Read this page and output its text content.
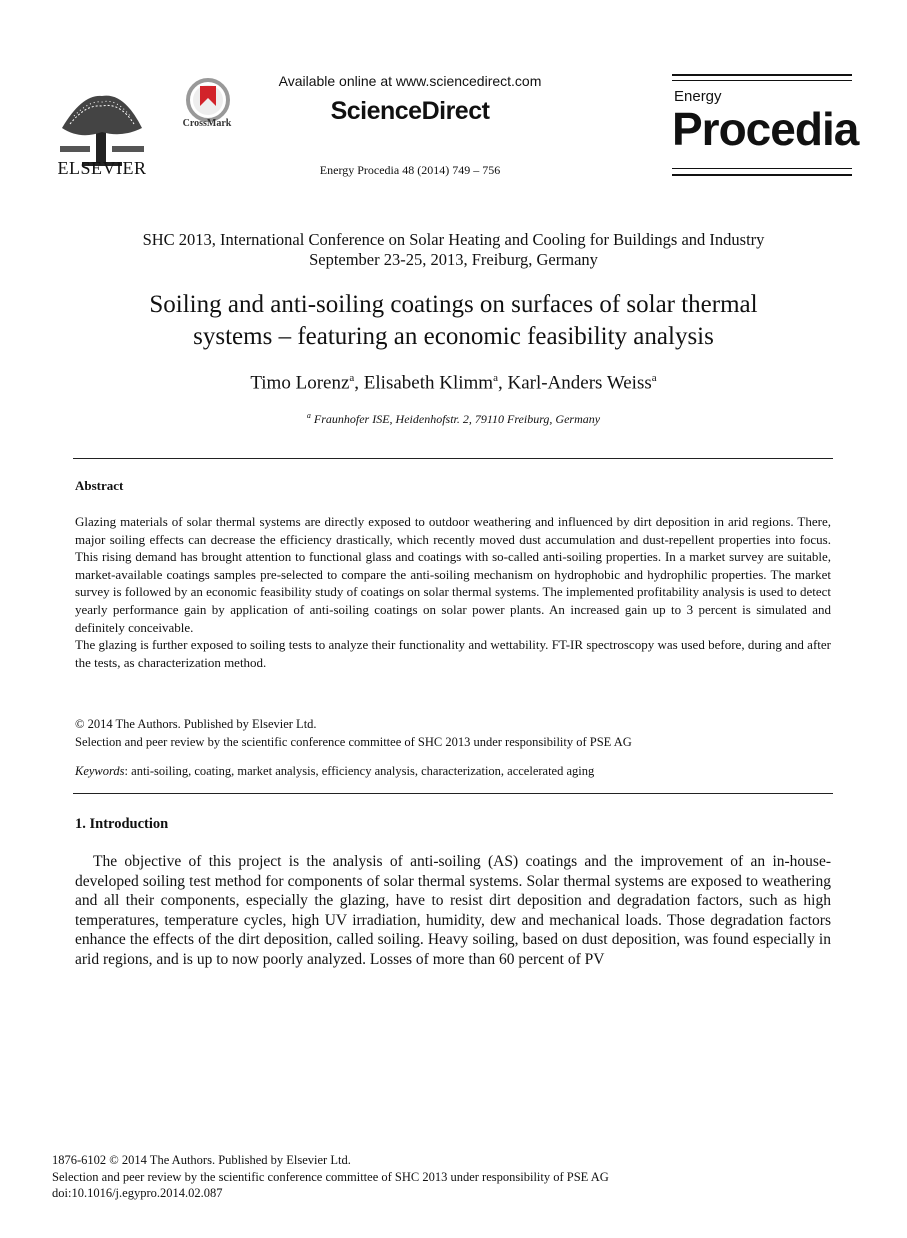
ELSEVIER
CrossMark
Available online at www.sciencedirect.com
ScienceDirect
Energy Procedia 48 (2014) 749 – 756
Energy
Procedia
SHC 2013, International Conference on Solar Heating and Cooling for Buildings and Industry
September 23-25, 2013, Freiburg, Germany
Soiling and anti-soiling coatings on surfaces of solar thermal
systems – featuring an economic feasibility analysis
Timo Lorenz$^a$, Elisabeth Klimm$^a$, Karl-Anders Weiss$^a$
$^a$ Fraunhofer ISE, Heidenhofstr. 2, 79110 Freiburg, Germany
Abstract

Glazing materials of solar thermal systems are directly exposed to outdoor weathering and influenced by dirt deposition in arid regions. There, major soiling effects can decrease the efficiency drastically, which recently moved dust accumulation and dust-repellent properties into focus. This rising demand has brought attention to functional glass and coatings with so-called anti-soiling properties. In a market survey are suitable, market-available coatings samples pre-selected to compare the anti-soiling mechanism on hydrophobic and hydrophilic properties. The market survey is followed by an economic feasibility study of coatings on solar thermal systems. The implemented profitability analysis is used to detect yearly performance gain by application of anti-soiling coatings on solar power plants. An increased gain up to 3 percent is simulated and definitely conceivable.

The glazing is further exposed to soiling tests to analyze their functionality and wettability. FT-IR spectroscopy was used before, during and after the tests, as characterization method.

© 2014 The Authors. Published by Elsevier Ltd.
Selection and peer review by the scientific conference committee of SHC 2013 under responsibility of PSE AG
Keywords: anti-soiling, coating, market analysis, efficiency analysis, characterization, accelerated aging
1. Introduction
The objective of this project is the analysis of anti-soiling (AS) coatings and the improvement of an in-house-developed soiling test method for components of solar thermal systems. Solar thermal systems are exposed to weathering and all their components, especially the glazing, have to resist dirt deposition and degradation factors, such as high temperatures, temperature cycles, high UV irradiation, humidity, dew and mechanical loads. Those degradation factors enhance the effects of the dirt deposition, called soiling. Heavy soiling, based on dust deposition, was found especially in arid regions, and is up to now poorly analyzed. Losses of more than 60 percent of PV
1876-6102 © 2014 The Authors. Published by Elsevier Ltd.
Selection and peer review by the scientific conference committee of SHC 2013 under responsibility of PSE AG
doi:10.1016/j.egypro.2014.02.087
